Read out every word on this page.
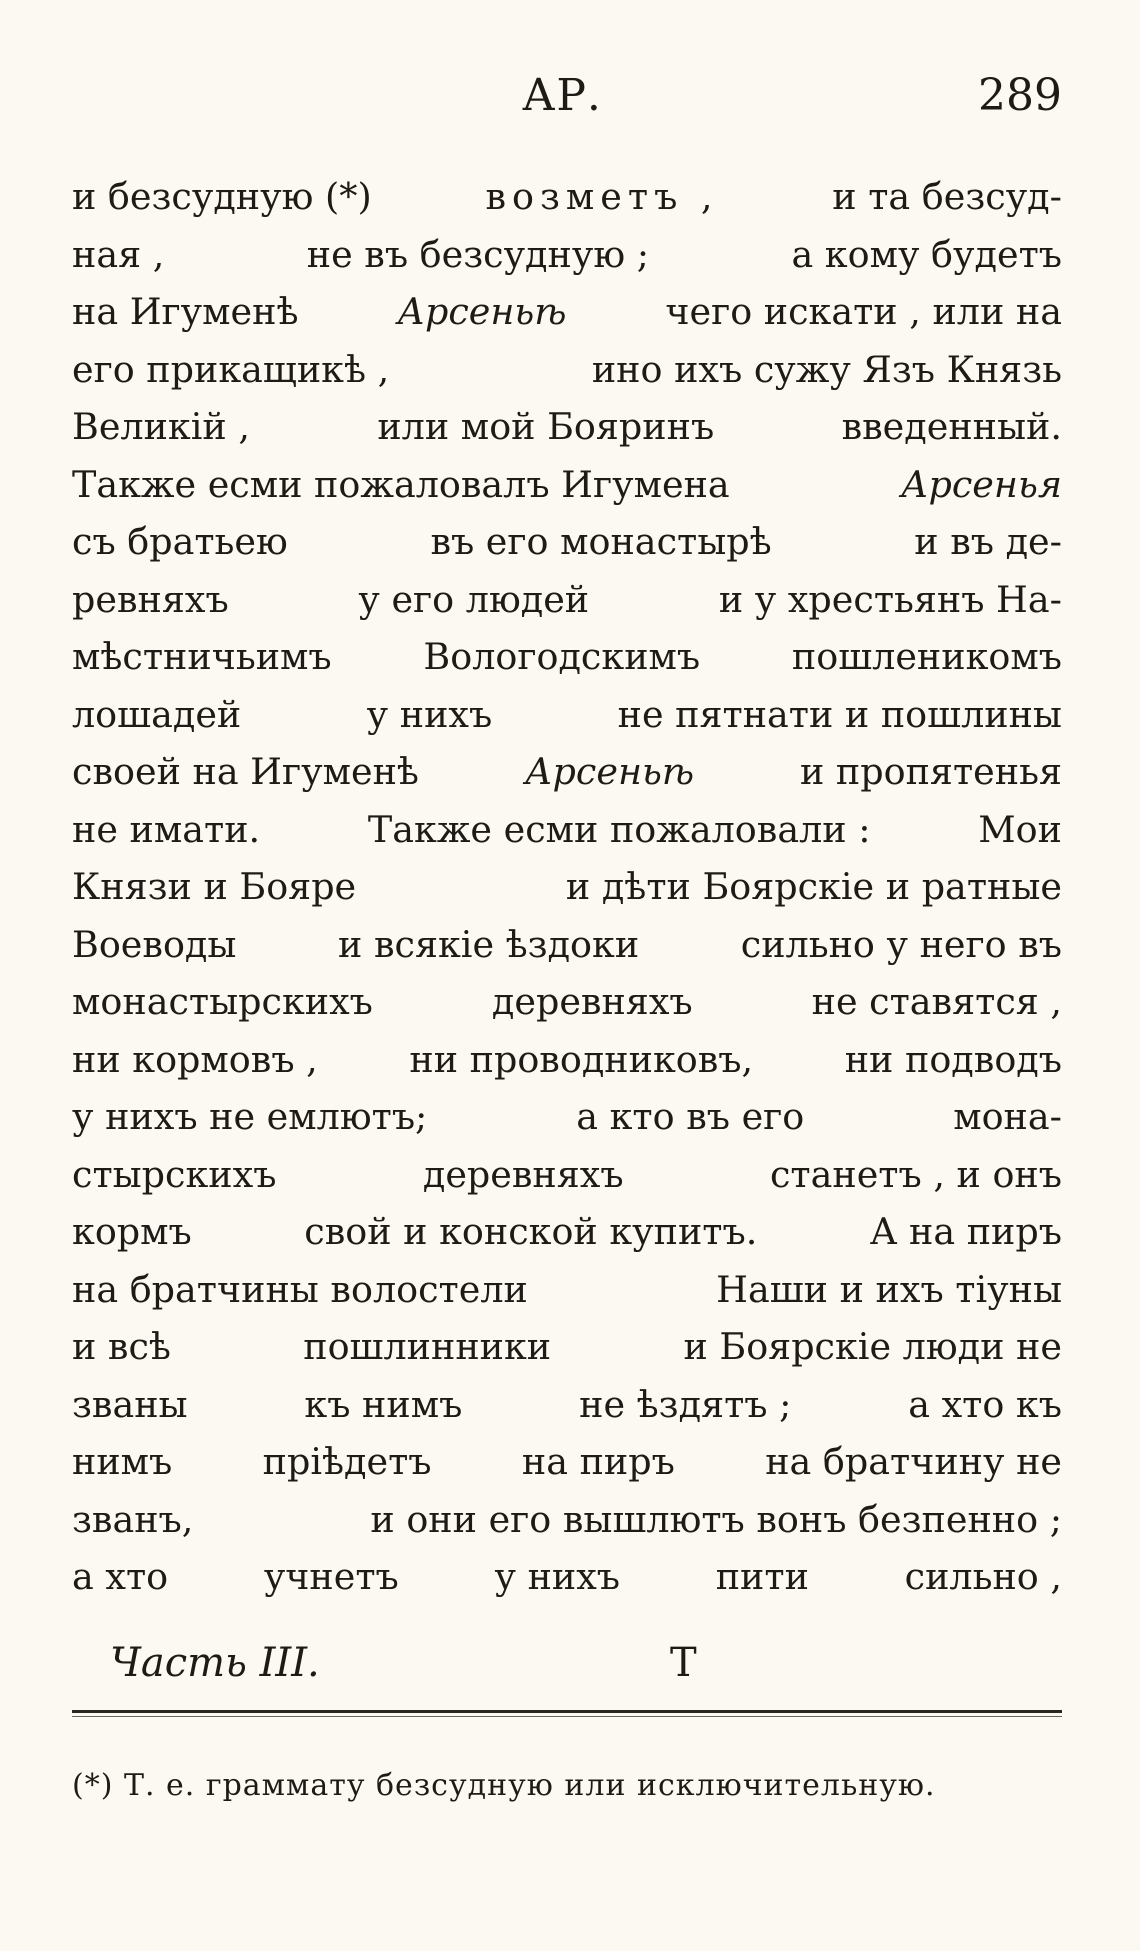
АР.	289
и безсудную (*)	возметъ ,	и та безсуд-
ная ,	не въ безсудную ;	а кому будетъ
на Игуменѣ	Арсеньѣ	чего искати , или на
его прикащикѣ ,	ино ихъ сужу Язъ Князь
Великій ,	или мой Бояринъ	введенный.
Также есми пожаловалъ Игумена	Арсенья
съ братьею	въ его монастырѣ	и въ де-
ревняхъ	у его людей	и у хрестьянъ На-
мѣстничьимъ	Вологодскимъ	пошленикомъ
лошадей	у нихъ	не пятнати и пошлины
своей на Игуменѣ	Арсеньѣ	и пропятенья
не имати.	Также есми пожаловали :	Мои
Князи и Бояре	и дѣти Боярскіе и ратные
Воеводы	и всякіе ѣздоки	сильно у него въ
монастырскихъ	деревняхъ	не ставятся ,
ни кормовъ ,	ни проводниковъ,	ни подводъ
у нихъ не емлютъ;	а кто въ его	мона-
стырскихъ	деревняхъ	станетъ , и онъ
кормъ	свой и конской купитъ.	А на пиръ
на братчины волостели	Наши и ихъ тіуны
и всѣ	пошлинники	и Боярскіе люди не
званы	къ нимъ	не ѣздятъ ;	а хто къ
нимъ пріѣдетъ на пиръ на братчину не
званъ,	и они его вышлютъ вонъ безпенно ;
а хто	учнетъ	у нихъ	пити	сильно ,
Часть III.	Т
(*) Т. е. граммату безсудную или исключительную.
